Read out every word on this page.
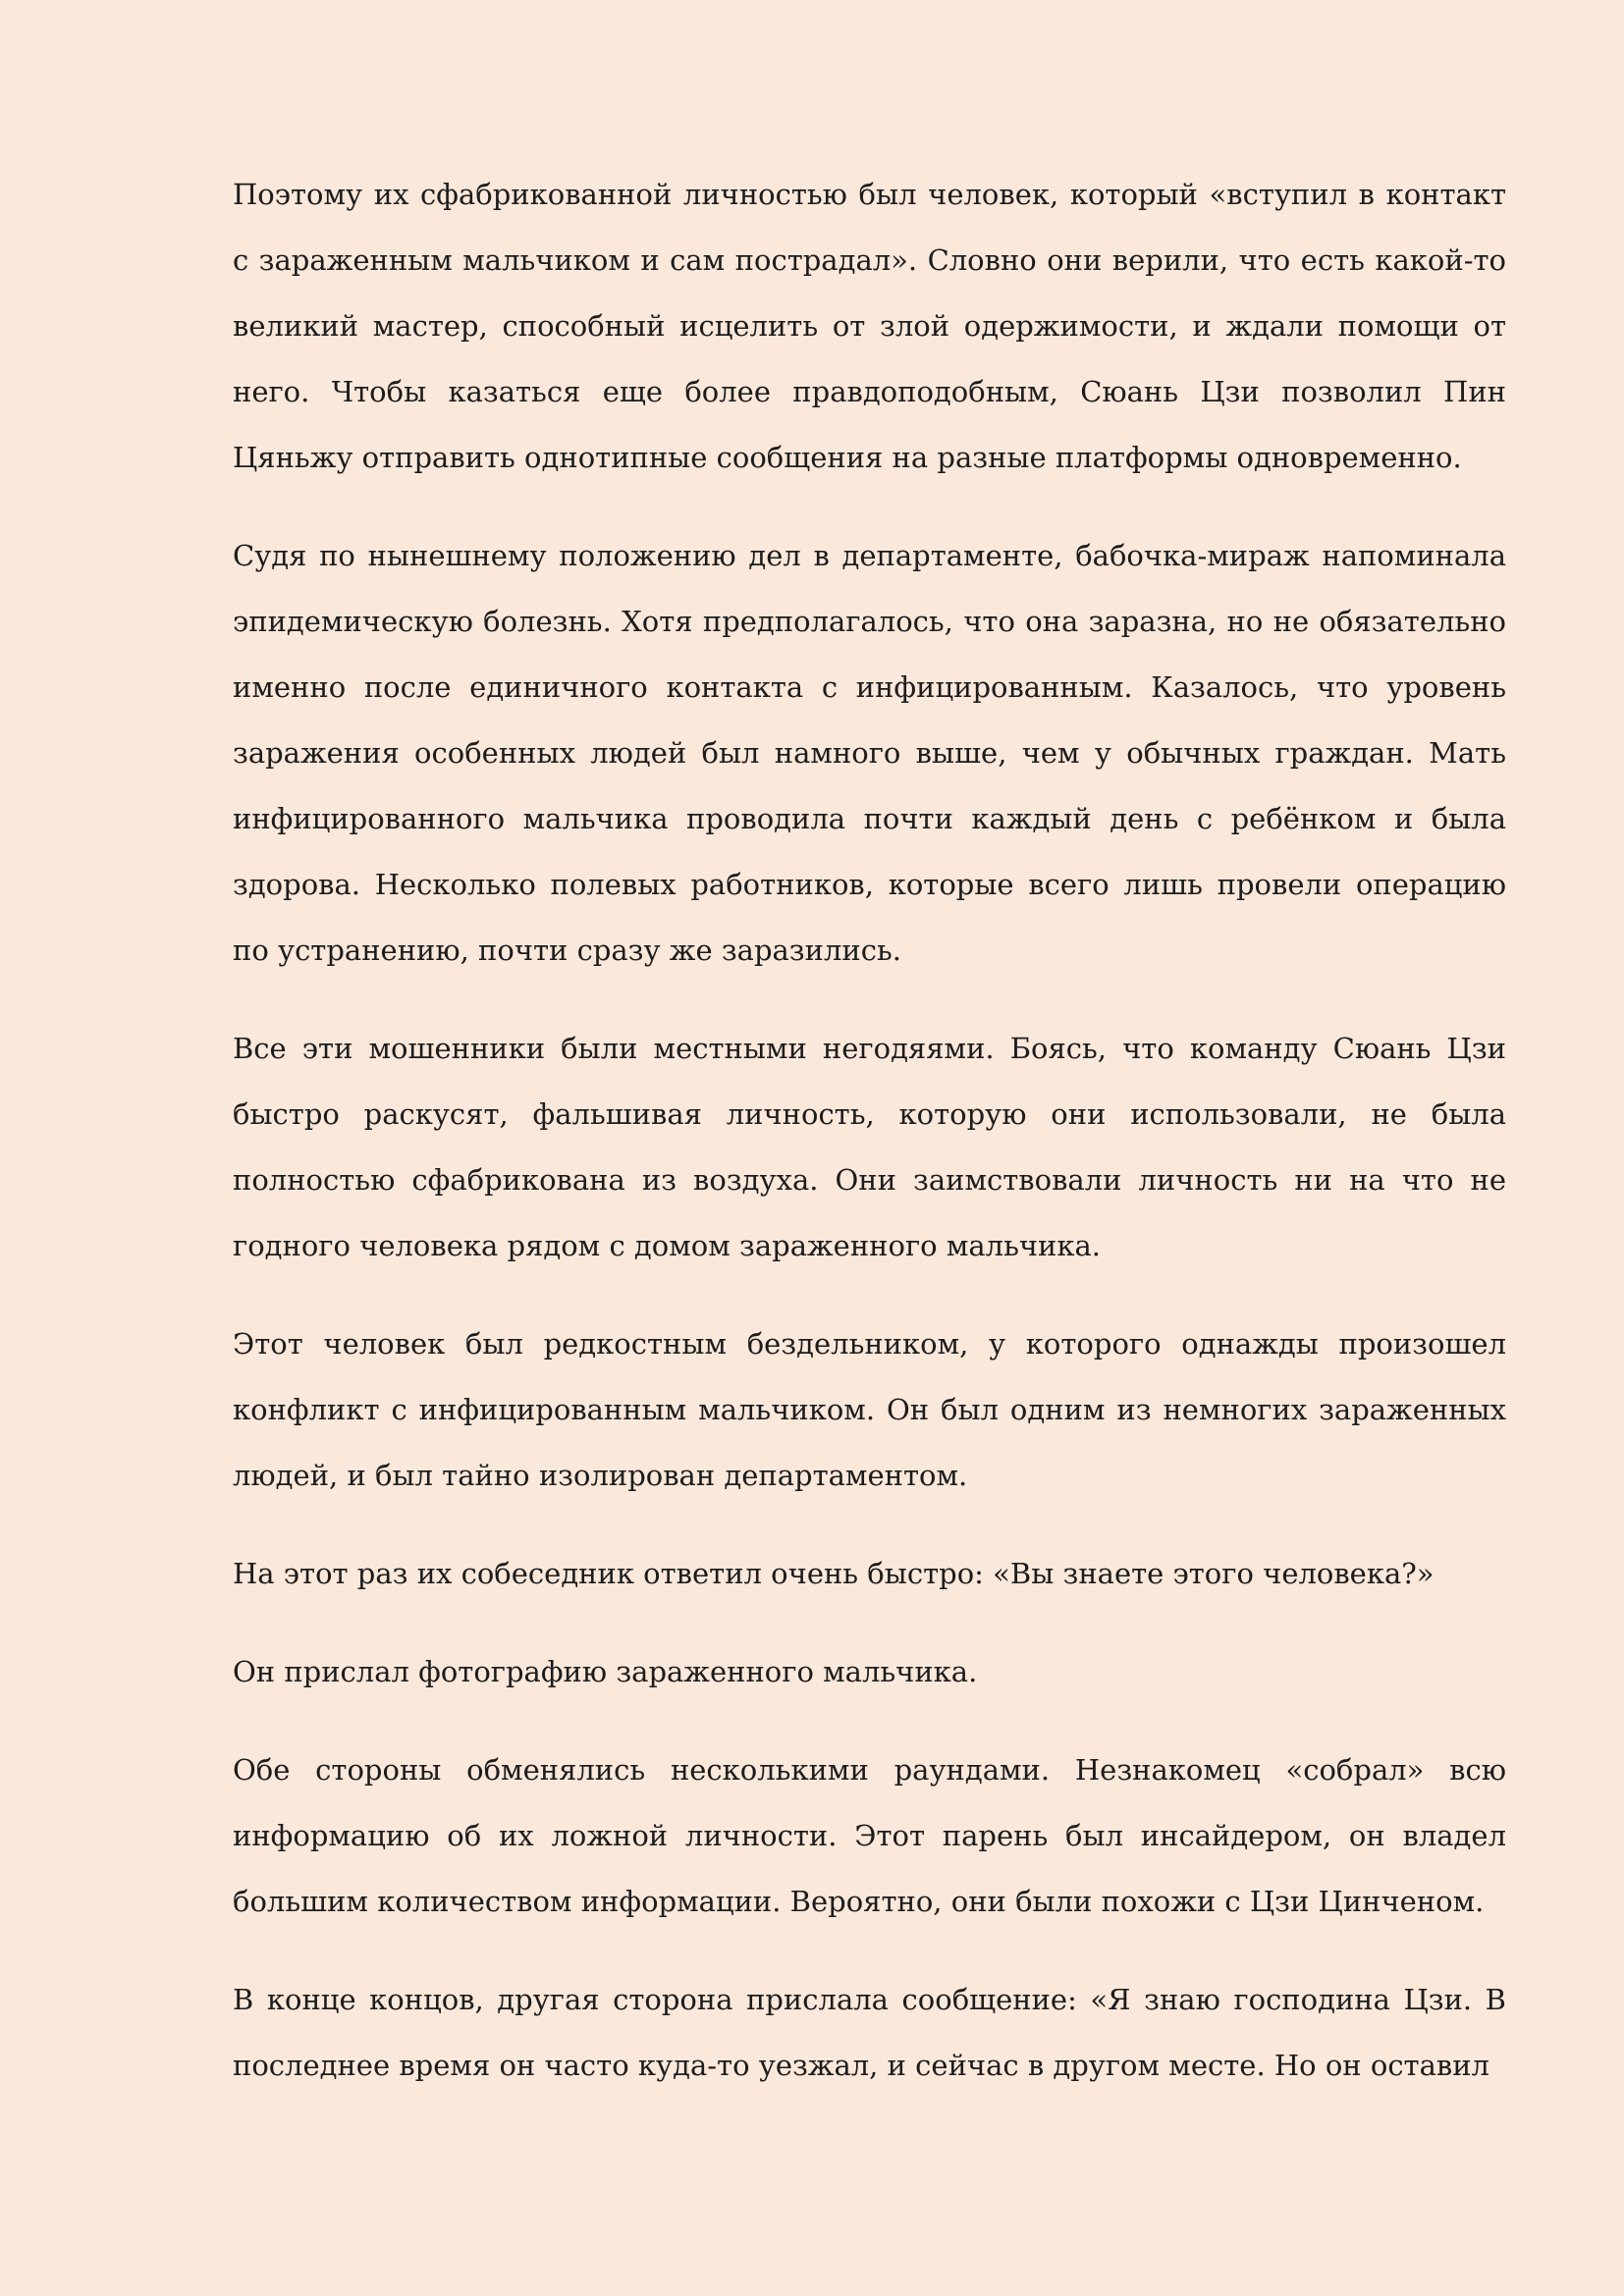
Поэтому их сфабрикованной личностью был человек, который «вступил в контакт с зараженным мальчиком и сам пострадал». Словно они верили, что есть какой-то великий мастер, способный исцелить от злой одержимости, и ждали помощи от него. Чтобы казаться еще более правдоподобным, Сюань Цзи позволил Пин Цяньжу отправить однотипные сообщения на разные платформы одновременно.

Судя по нынешнему положению дел в департаменте, бабочка-мираж напоминала эпидемическую болезнь. Хотя предполагалось, что она заразна, но не обязательно именно после единичного контакта с инфицированным. Казалось, что уровень заражения особенных людей был намного выше, чем у обычных граждан. Мать инфицированного мальчика проводила почти каждый день с ребёнком и была здорова. Несколько полевых работников, которые всего лишь провели операцию по устранению, почти сразу же заразились.

Все эти мошенники были местными негодяями. Боясь, что команду Сюань Цзи быстро раскусят, фальшивая личность, которую они использовали, не была полностью сфабрикована из воздуха. Они заимствовали личность ни на что не годного человека рядом с домом зараженного мальчика.

Этот человек был редкостным бездельником, у которого однажды произошел конфликт с инфицированным мальчиком. Он был одним из немногих зараженных людей, и был тайно изолирован департаментом.

На этот раз их собеседник ответил очень быстро: «Вы знаете этого человека?»

Он прислал фотографию зараженного мальчика.

Обе стороны обменялись несколькими раундами. Незнакомец «собрал» всю информацию об их ложной личности. Этот парень был инсайдером, он владел большим количеством информации. Вероятно, они были похожи с Цзи Цинченом.

В конце концов, другая сторона прислала сообщение: «Я знаю господина Цзи. В последнее время он часто куда-то уезжал, и сейчас в другом месте. Но он оставил
